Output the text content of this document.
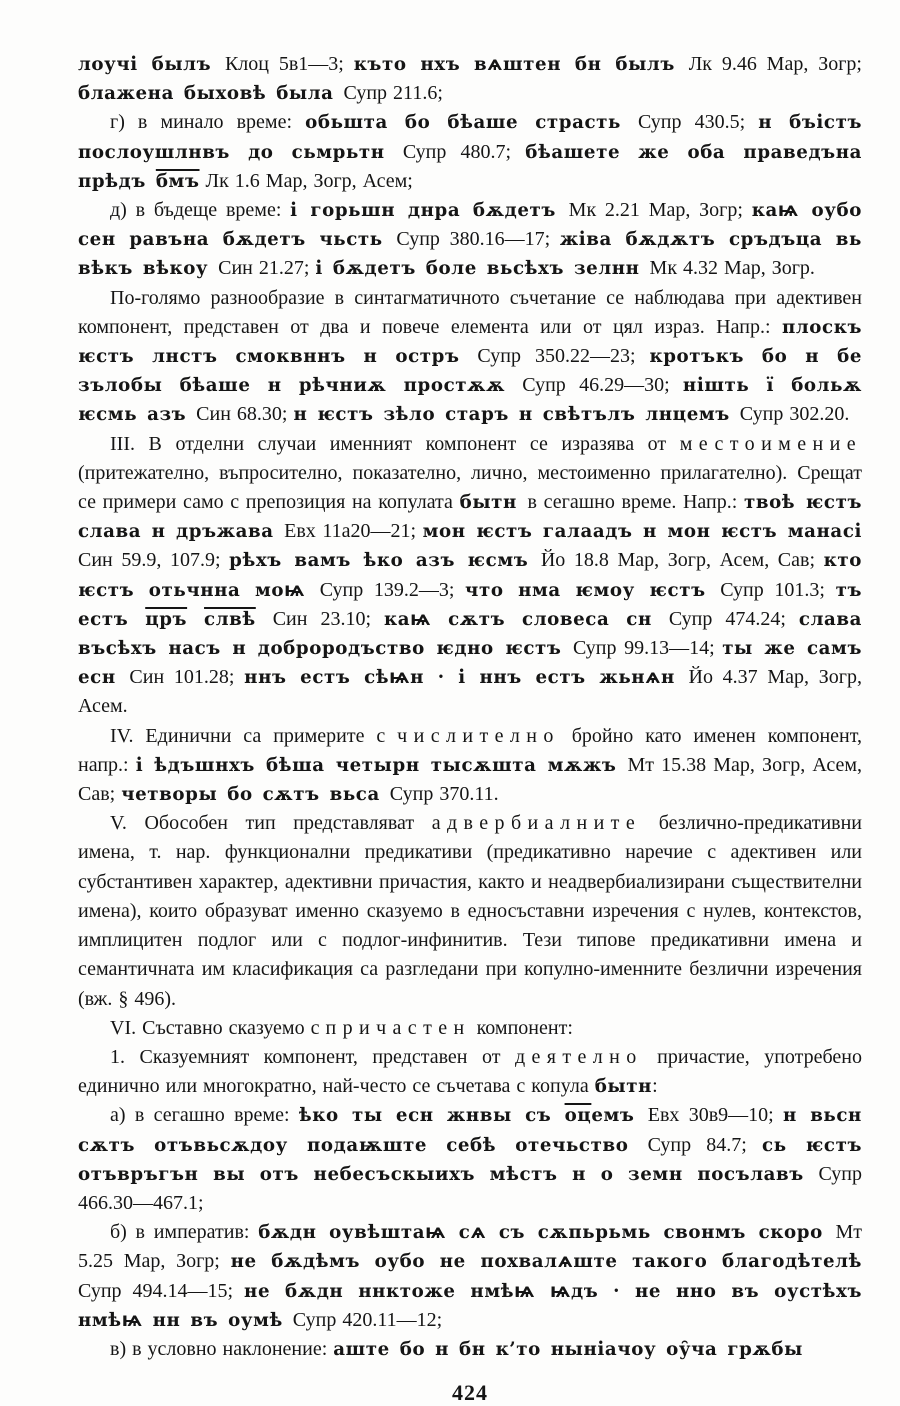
лоучі былъ Клоц 5в1—3; къто нхъ вѧштен бн былъ Лк 9.46 Мар, Зогр; блажена быховѣ была Супр 211.6;

г) в минало време: обьшта бо бѣаше страсть Супр 430.5; н бъістъ послоушлнвъ до сьмрьтн Супр 480.7; бѣашете же оба праведъна прѣдъ бмъ Лк 1.6 Мар, Зогр, Асем;

д) в бъдеще време: і горьшн днра бѫдетъ Мк 2.21 Мар, Зогр; каѩ оубо сен равъна бѫдетъ чьсть Супр 380.16—17; жіва бѫдѫтъ сръдъца вь вѣкъ вѣкоу Син 21.27; і бѫдетъ боле вьсѣхъ зелнн Мк 4.32 Мар, Зогр.

По-голямо разнообразие в синтагматичното съчетание се наблюдава при адективен компонент, представен от два и повече елемента или от цял израз. Напр.: плоскъ ѥстъ лнстъ смоквннъ н остръ Супр 350.22—23; кротъкъ бо н бе зълобы бѣаше н рѣчниѫ простѫѫ Супр 46.29—30; нішть ї больѫ ѥсмь азъ Син 68.30; н ѥстъ зѣло старъ н свѣтълъ лнцемъ Супр 302.20.

III. В отделни случаи именният компонент се изразява от местоимение (притежателно, въпросително, показателно, лично, местоименно прилагателно). Срещат се примери само с препозиция на копулата бытн в сегашно време. Напр.: твоѣ ѥстъ слава н дръжава Евх 11а20—21; мон ѥстъ галаадъ н мон ѥстъ манасі Син 59.9, 107.9; рѣхъ вамъ ѣко азъ ѥсмъ Йо 18.8 Мар, Зогр, Асем, Сав; кто ѥстъ отьчнна моѩ Супр 139.2—3; что нма ѥмоу ѥстъ Супр 101.3; тъ естъ цръ слвѣ Син 23.10; каѩ сѫтъ словеса сн Супр 474.24; слава въсѣхъ насъ н доброродъство ѥдно ѥстъ Супр 99.13—14; ты же самъ есн Син 101.28; ннъ естъ сѣѩн · і ннъ естъ жьнѧн Йо 4.37 Мар, Зогр, Асем.

IV. Единични са примерите с числително бройно като именен компонент, напр.: і ѣдъшнхъ бѣша четырн тысѫшта мѫжъ Мт 15.38 Мар, Зогр, Асем, Сав; четворы бо сѫтъ вьса Супр 370.11.

V. Обособен тип представляват адвербиалните безлично-предикативни имена, т. нар. функционални предикативи (предикативно наречие с адективен или субстантивен характер, адективни причастия, както и неадвербиализирани съществителни имена), които образуват именно сказуемо в едносъставни изречения с нулев, контекстов, имплицитен подлог или с подлог-инфинитив. Тези типове предикативни имена и семантичната им класификация са разгледани при копулно-именните безлични изречения (вж. § 496).

VI. Съставно сказуемо с причастен компонент:

1. Сказуемният компонент, представен от деятелно причастие, употребено единично или многократно, най-често се съчетава с копула бытн:

а) в сегашно време: ѣко ты есн жнвы съ оцемъ Евх 30в9—10; н вьсн сѫтъ отъвьсѫдоу подаѭште себѣ отечьство Супр 84.7; сь ѥстъ отъвръгън вы отъ небесъскыихъ мѣстъ н о земн посълавъ Супр 466.30—467.1;

б) в императив: бѫдн оувѣштаѩ сѧ съ сѫпьрьмь свонмъ скоро Мт 5.25 Мар, Зогр; не бѫдѣмъ оубо не похвалѧште такого благодѣтелѣ Супр 494.14—15; не бѫдн ннктоже нмѣѩ ѩдъ · не нно въ оустѣхъ нмѣѩ нн въ оумѣ Супр 420.11—12;

в) в условно наклонение: аште бо н бн к’то ныніачоу оу̑ча грѫбы

424
